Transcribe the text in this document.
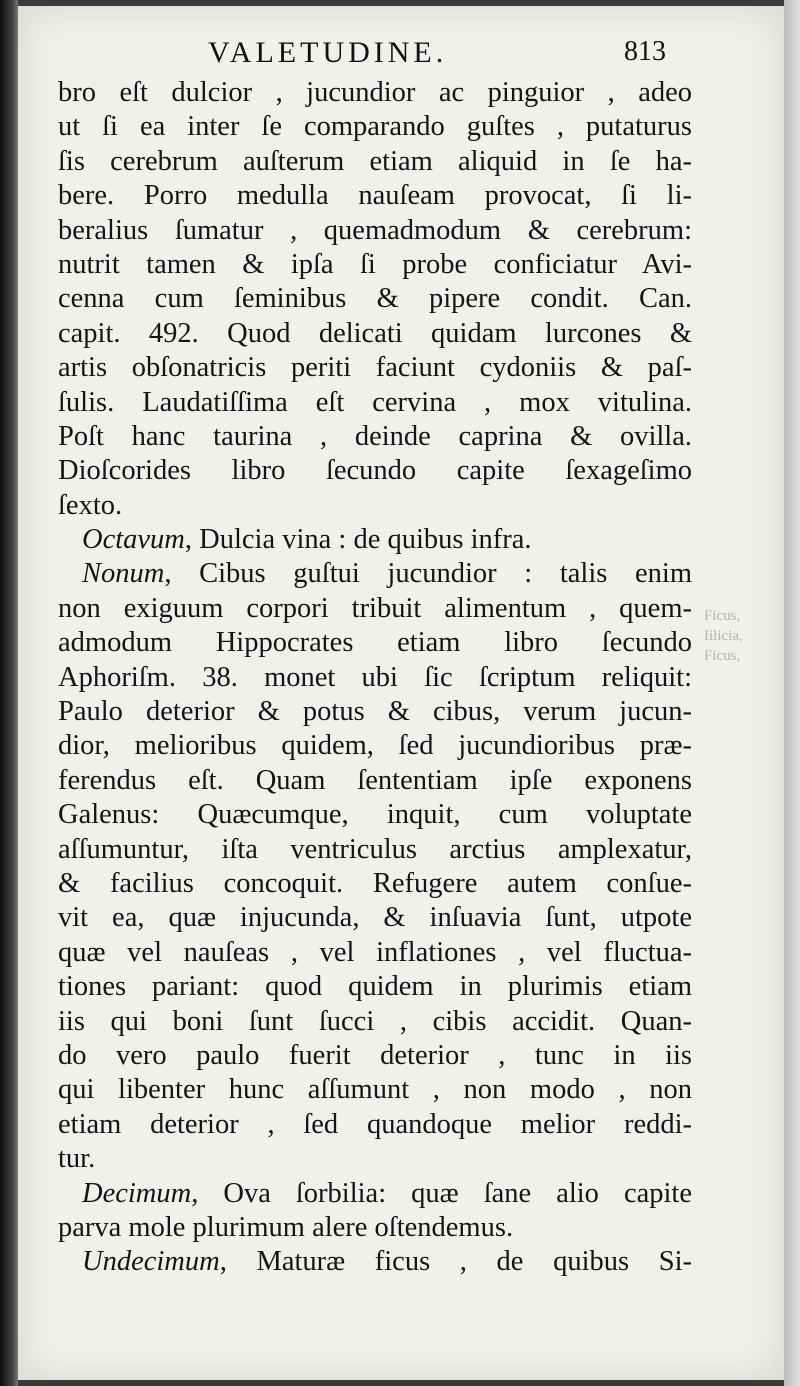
VALETUDINE.	813
Ficus,
Iilicia,
Ficus,
bro eſt dulcior , jucundior ac pinguior , adeo
ut ſi ea inter ſe comparando guſtes , putaturus
ſis cerebrum auſterum etiam aliquid in ſe ha-
bere. Porro medulla nauſeam provocat, ſi li-
beralius ſumatur , quemadmodum & cerebrum:
nutrit tamen & ipſa ſi probe conficiatur Avi-
cenna cum ſeminibus & pipere condit. Can.
capit. 492. Quod delicati quidam lurcones &
artis obſonatricis periti faciunt cydoniis & paſ-
ſulis. Laudatiſſima eſt cervina , mox vitulina.
Poſt hanc taurina , deinde caprina & ovilla.
Dioſcorides libro ſecundo capite ſexageſimo
ſexto.
Octavum, Dulcia vina : de quibus infra.
Nonum, Cibus guſtui jucundior : talis enim
non exiguum corpori tribuit alimentum , quem-
admodum Hippocrates etiam libro ſecundo
Aphoriſm. 38. monet ubi ſic ſcriptum reliquit:
Paulo deterior & potus & cibus, verum jucun-
dior, melioribus quidem, ſed jucundioribus præ-
ferendus eſt. Quam ſententiam ipſe exponens
Galenus: Quæcumque, inquit, cum voluptate
aſſumuntur, iſta ventriculus arctius amplexatur,
& facilius concoquit. Refugere autem conſue-
vit ea, quæ injucunda, & inſuavia ſunt, utpote
quæ vel nauſeas , vel inflationes , vel fluctua-
tiones pariant: quod quidem in plurimis etiam
iis qui boni ſunt ſucci , cibis accidit. Quan-
do vero paulo fuerit deterior , tunc in iis
qui libenter hunc aſſumunt , non modo , non
etiam deterior , ſed quandoque melior reddi-
tur.
Decimum, Ova ſorbilia: quæ ſane alio capite
parva mole plurimum alere oſtendemus.
Undecimum, Maturæ ficus , de quibus Si-
